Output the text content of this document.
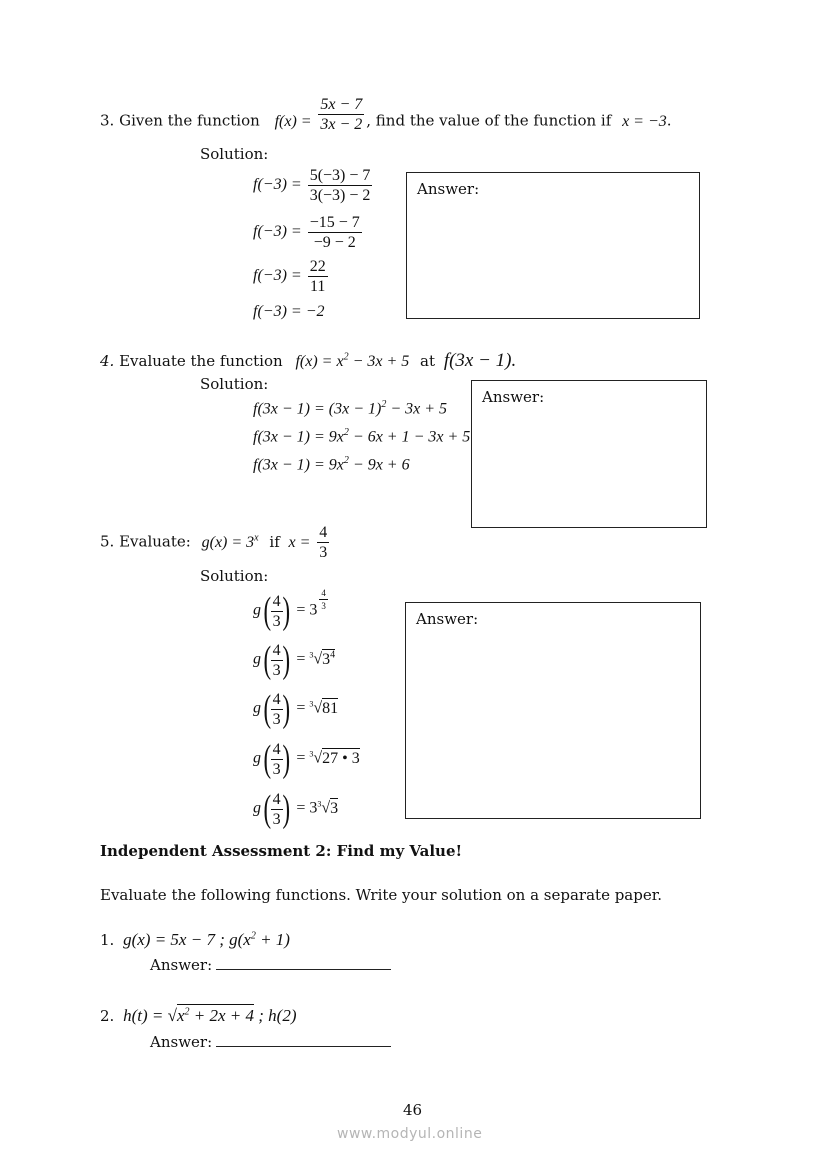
3. Given the function $f(x) = \frac{5x - 7}{3x - 2}$ , find the value of the function if x = −3.
Solution:
$f(-3) = \frac{5(-3) - 7}{3(-3) - 2}$
$f(-3) = \frac{-15 - 7}{-9 - 2}$
$f(-3) = \frac{22}{11}$
f(−3) = −2
Answer:
4. Evaluate the function $f(x) = x^2 - 3x + 5$ at f(3x − 1).
Solution:
$f(3x - 1) = (3x - 1)^2 - 3x + 5$
$f(3x - 1) = 9x^2 - 6x + 1 - 3x + 5$
$f(3x - 1) = 9x^2 - 9x + 6$
Answer:
5. Evaluate: $g(x) = 3^x$ if $x = \frac{4}{3}$
Solution:
$g( \frac{4}{3}$ ) = $3 \frac{4}{3}$
$g( \frac{4}{3}$ ) = $^3√3^4$
$g( \frac{4}{3}$ ) = $^3$√81
$g( \frac{4}{3}$ ) = $^3$√27 • 3
$g( \frac{4}{3}$ ) = $3^3√3$
Answer:
Independent Assessment 2: Find my Value!
Evaluate the following functions. Write your solution on a separate paper.
1. g(x) = 5x − 7 ; $g(x^2 + 1)$
Answer:
2. $h(t) = √x^2 + 2x + 4$ ; h(2)
Answer:
46
www.modyul.online
